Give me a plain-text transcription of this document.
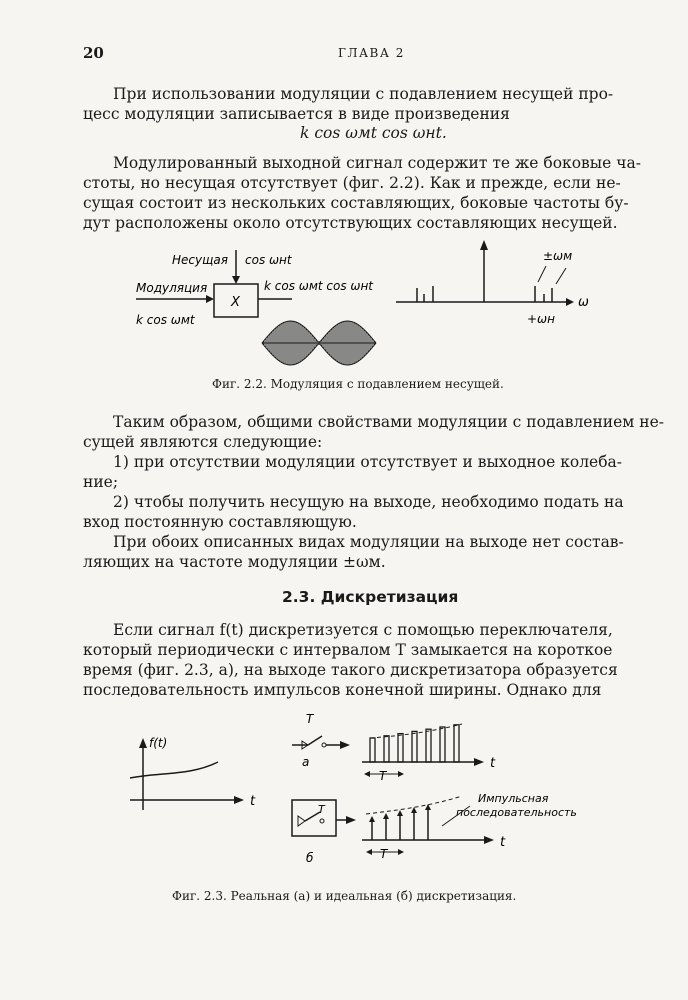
20	ГЛАВА 2
При использовании модуляции с подавлением несущей про-
цесс модуляции записывается в виде произведения
k cos ωмt cos ωнt.
Модулированный выходной сигнал содержит те же боковые ча-
стоты, но несущая отсутствует (фиг. 2.2). Как и прежде, если не-
сущая состоит из нескольких составляющих, боковые частоты бу-
дут расположены около отсутствующих составляющих несущей.
Несущая cos ωнt
Модуляция
k cos ωмt
X
k cos ωмt cos ωнt
ω
±ωм
+ωн
Фиг. 2.2. Модуляция с подавлением несущей.
Таким образом, общими свойствами модуляции с подавлением не-
сущей являются следующие:
1) при отсутствии модуляции отсутствует и выходное колеба-
ние;
2) чтобы получить несущую на выходе, необходимо подать на
вход постоянную составляющую.
При обоих описанных видах модуляции на выходе нет состав-
ляющих на частоте модуляции ±ωм.
2.3. Дискретизация
Если сигнал f(t) дискретизуется с помощью переключателя,
который периодически с интервалом T замыкается на короткое
время (фиг. 2.3, a), на выходе такого дискретизатора образуется
последовательность импульсов конечной ширины. Однако для
f(t)
t
T
а	t
T
T
б
t
T
Импульсная
последовательность
Фиг. 2.3. Реальная (а) и идеальная (б) дискретизация.
